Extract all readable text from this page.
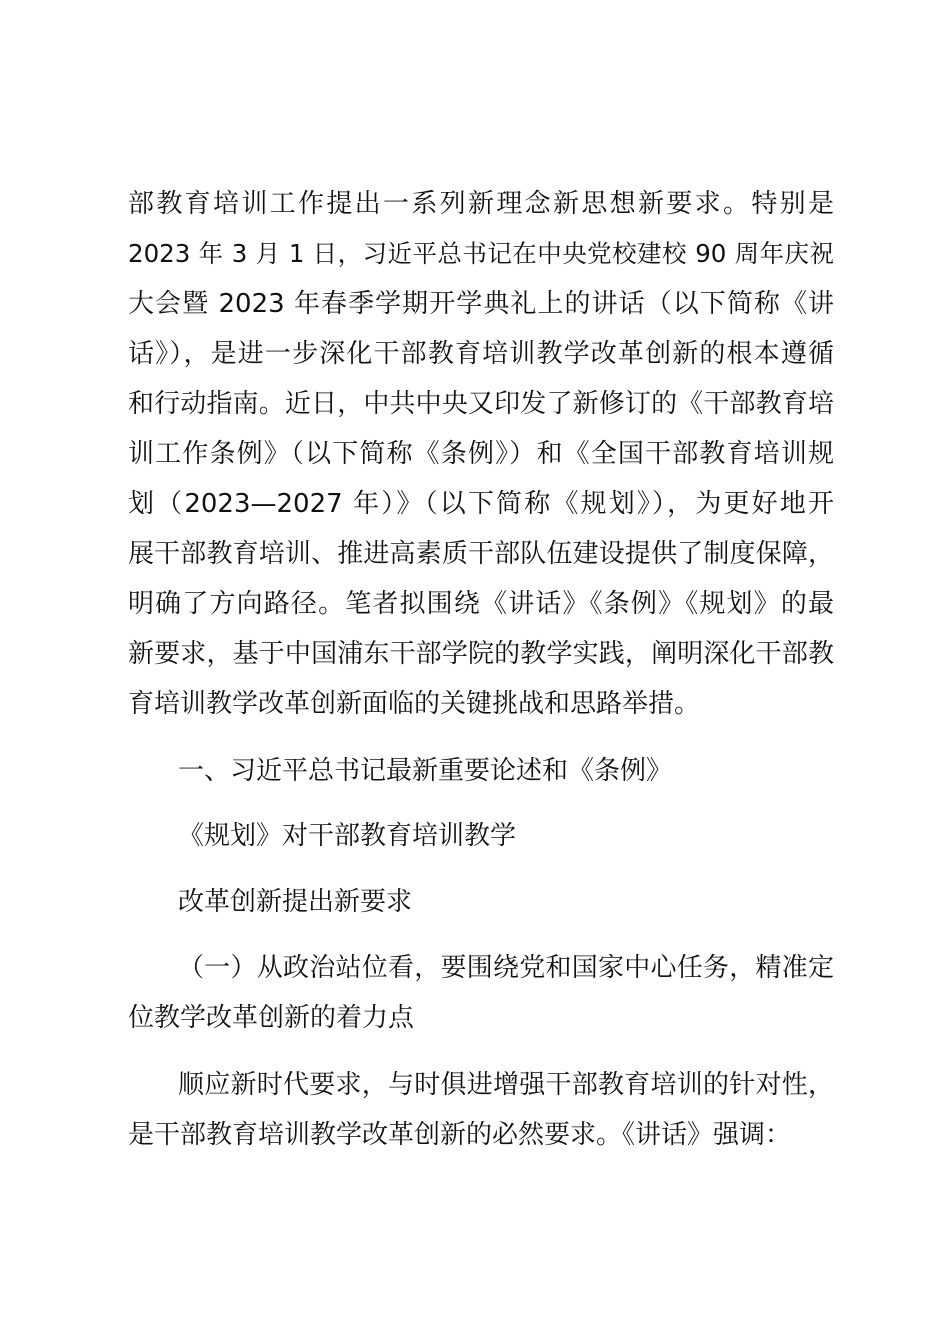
部教育培训工作提出一系列新理念新思想新要求。特别是
2023 年 3 月 1 日，习近平总书记在中央党校建校 90 周年庆祝
大会暨 2023 年春季学期开学典礼上的讲话（以下简称《讲
话》），是进一步深化干部教育培训教学改革创新的根本遵循
和行动指南。近日，中共中央又印发了新修订的《干部教育培
训工作条例》（以下简称《条例》）和《全国干部教育培训规
划（2023—2027 年）》（以下简称《规划》），为更好地开
展干部教育培训、推进高素质干部队伍建设提供了制度保障，
明确了方向路径。笔者拟围绕《讲话》《条例》《规划》的最
新要求，基于中国浦东干部学院的教学实践，阐明深化干部教
育培训教学改革创新面临的关键挑战和思路举措。
一、习近平总书记最新重要论述和《条例》
《规划》对干部教育培训教学
改革创新提出新要求
（一）从政治站位看，要围绕党和国家中心任务，精准定
位教学改革创新的着力点
顺应新时代要求，与时俱进增强干部教育培训的针对性，
是干部教育培训教学改革创新的必然要求。《讲话》强调：
